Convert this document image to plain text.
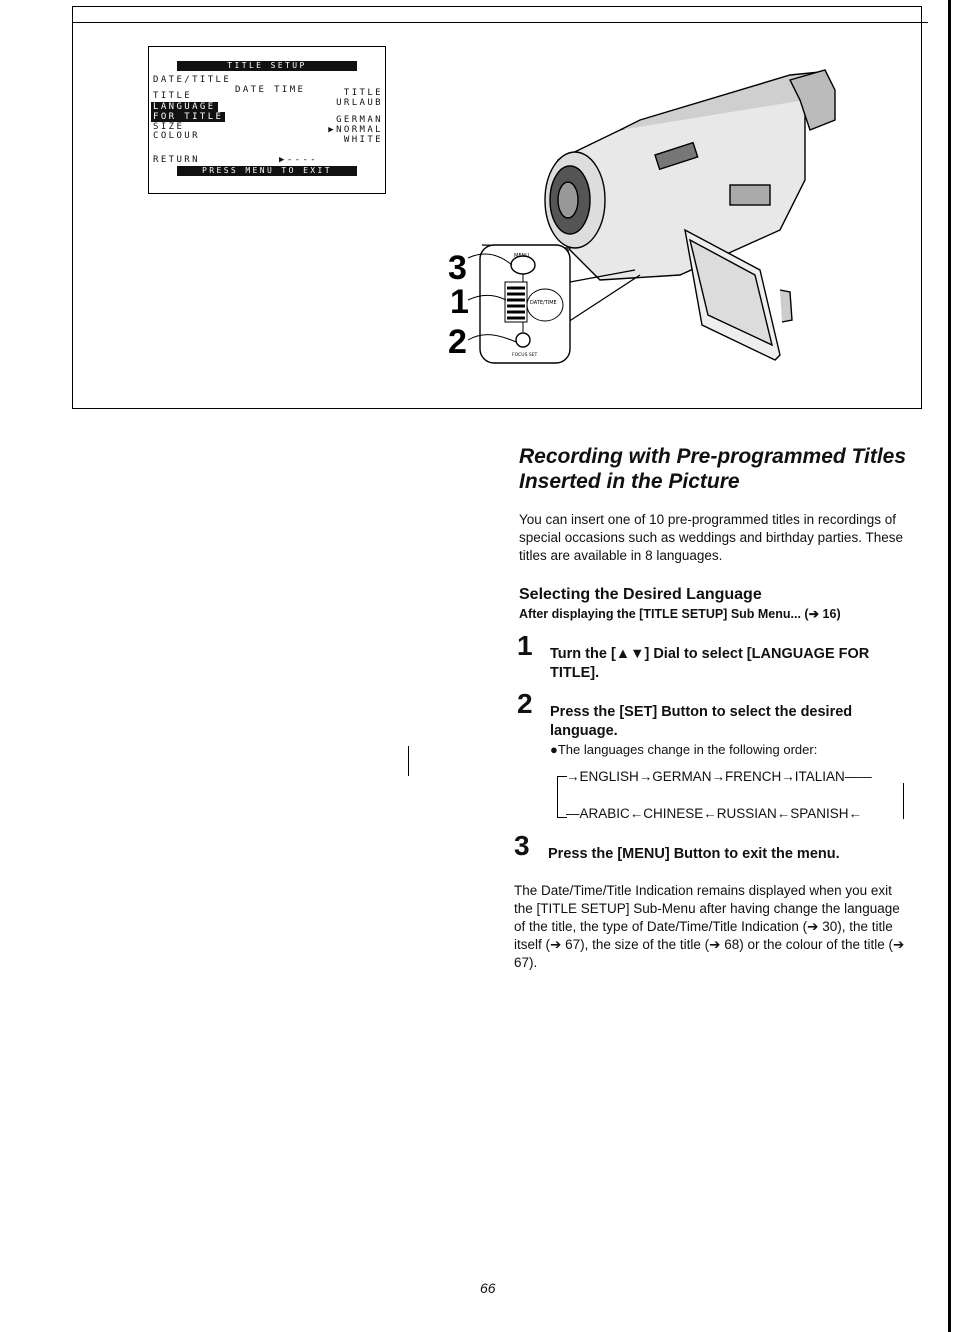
TITLE SETUP
DATE/TITLE
DATE TIME	TITLE
TITLE
URLAUB
LANGUAGE
FOR TITLE	GERMAN
SIZE	▶NORMAL
COLOUR	WHITE
RETURN	▶----
PRESS MENU TO EXIT
MENU
DATE/TIME
FOCUS SET
3
1
2
Recording with Pre-programmed Titles Inserted in the Picture
You can insert one of 10 pre-programmed titles in recordings of special occasions such as weddings and birthday parties. These titles are available in 8 languages.
Selecting the Desired Language
After displaying the [TITLE SETUP] Sub Menu... (➔ 16)
1 Turn the [▲▼] Dial to select [LANGUAGE FOR TITLE].
2 Press the [SET] Button to select the desired language.
●The languages change in the following order:
→ENGLISH→GERMAN→FRENCH→ITALIAN——
—ARABIC←CHINESE←RUSSIAN←SPANISH←
3 Press the [MENU] Button to exit the menu.
The Date/Time/Title Indication remains displayed when you exit the [TITLE SETUP] Sub-Menu after having change the language of the title, the type of Date/Time/Title Indication (➔ 30), the title itself (➔ 67), the size of the title (➔ 68) or the colour of the title (➔ 67).
66
